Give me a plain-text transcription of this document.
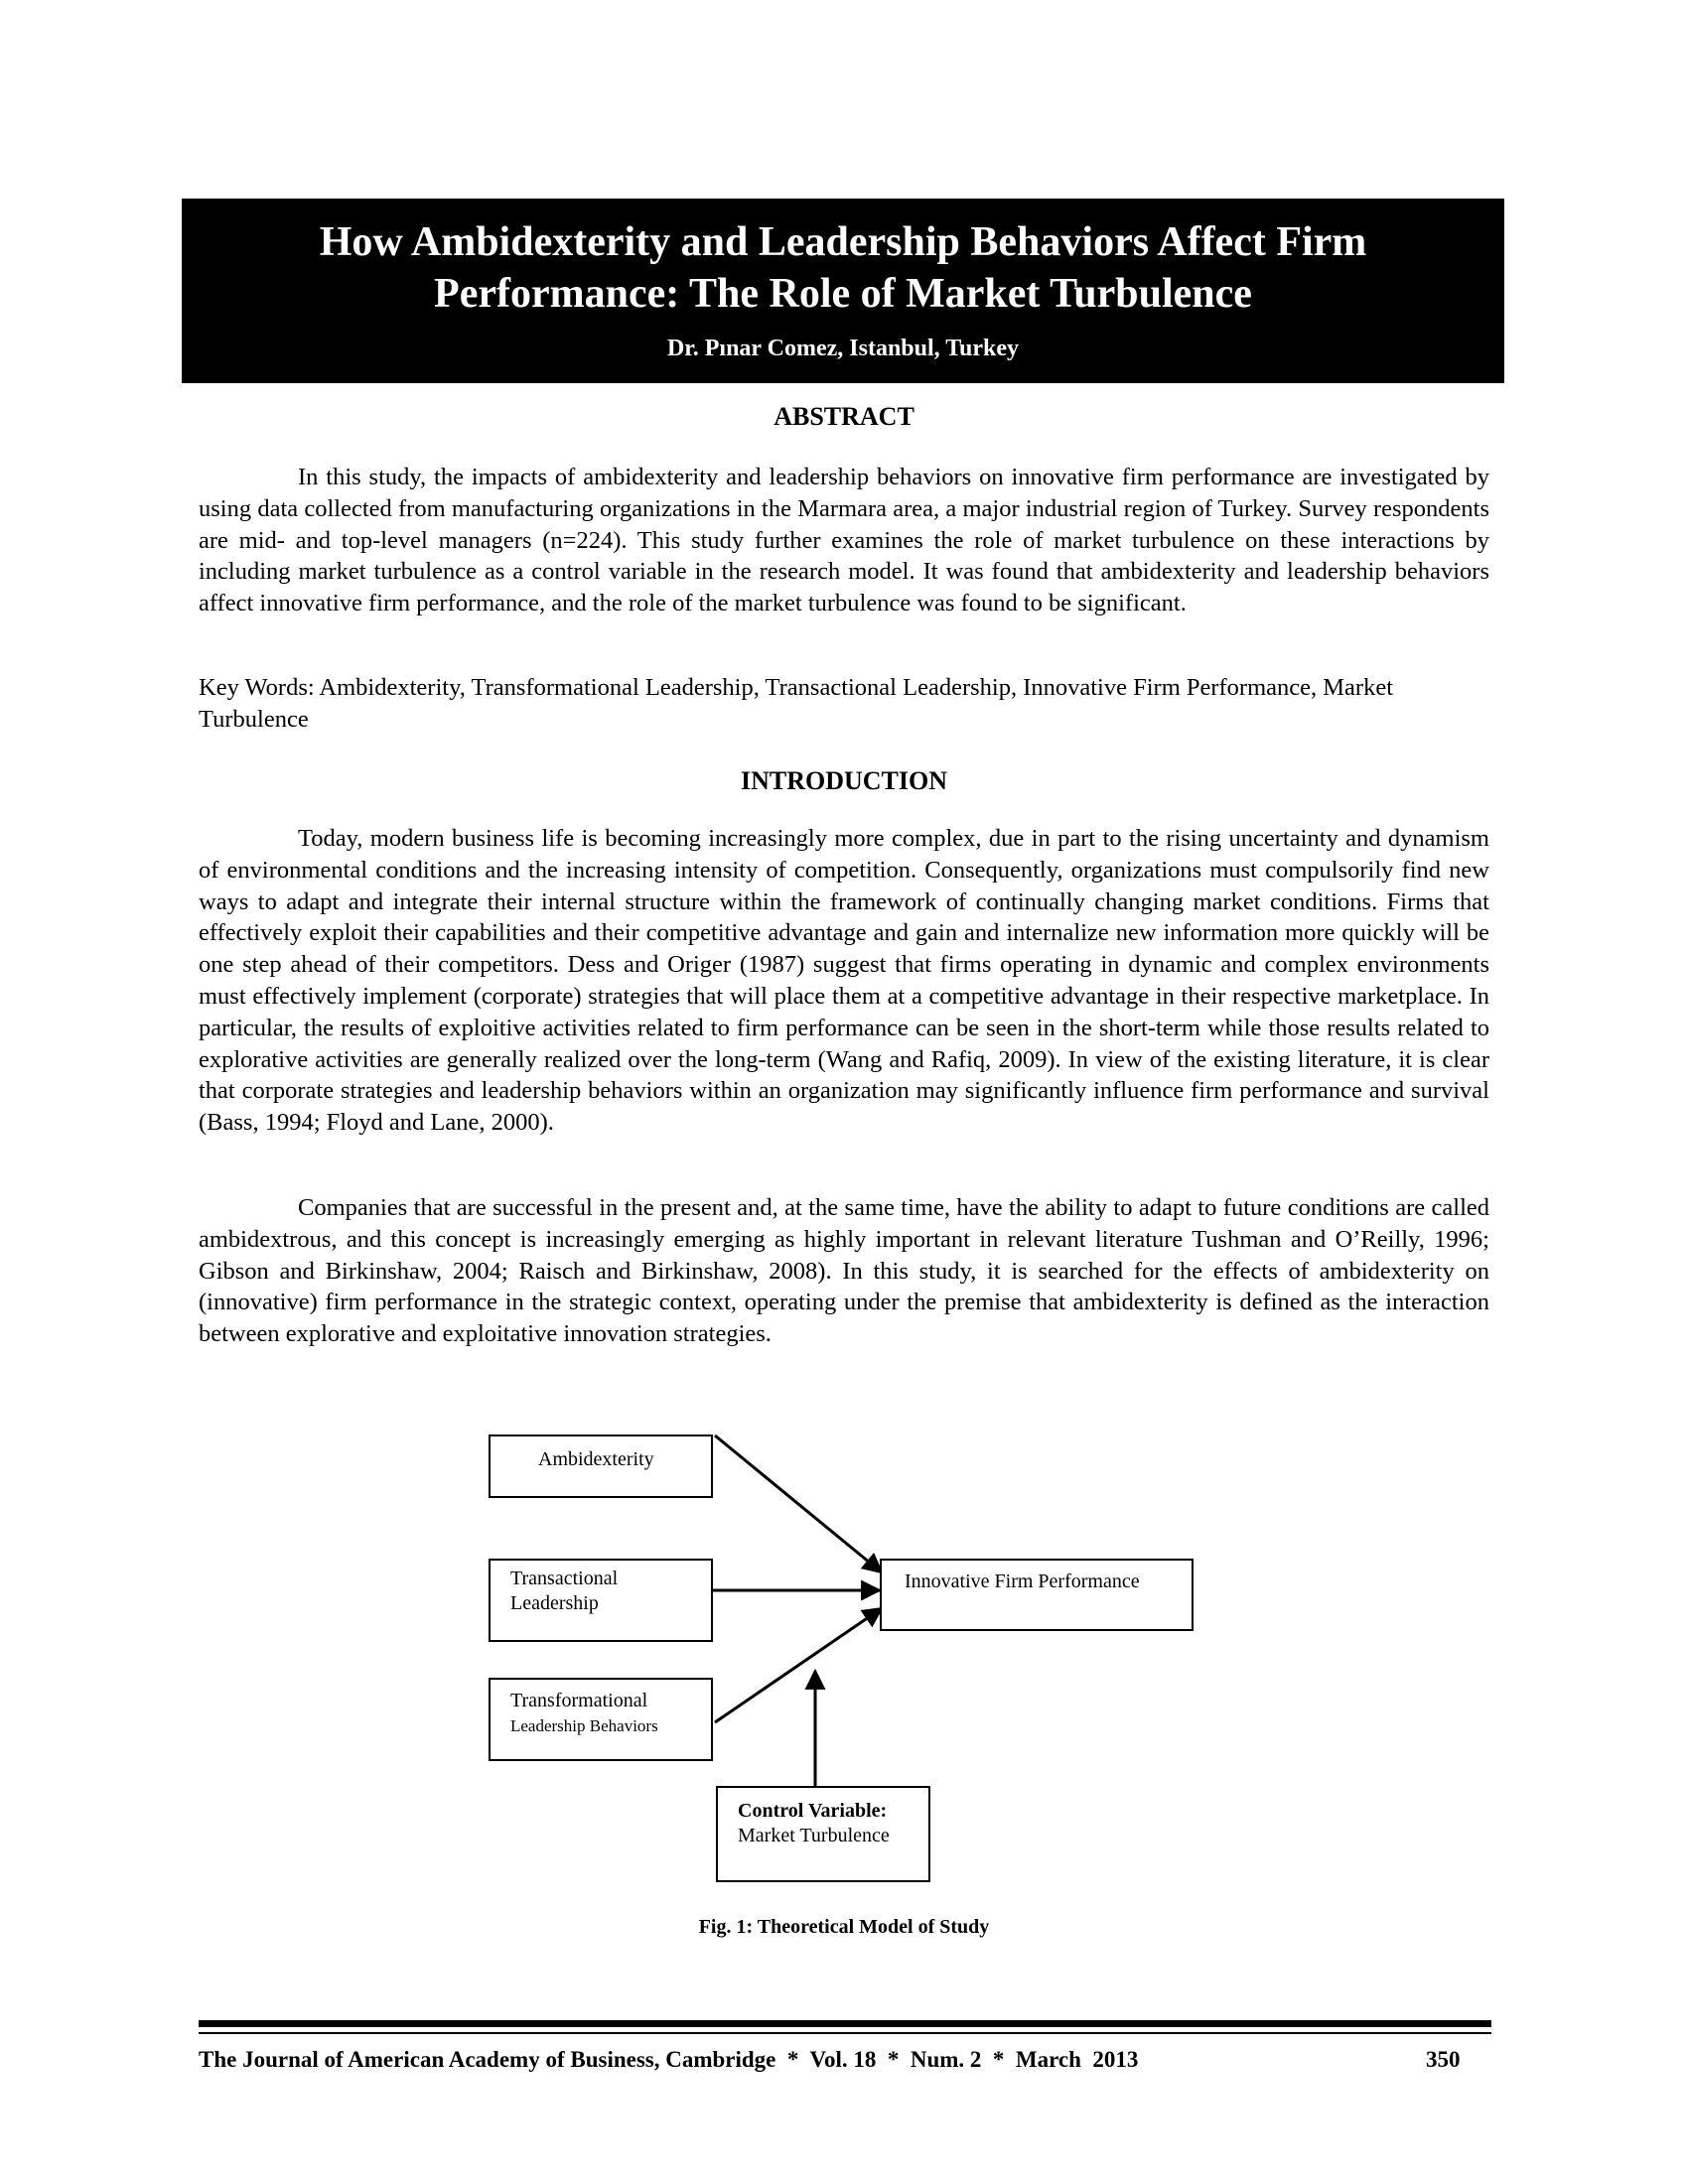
How Ambidexterity and Leadership Behaviors Affect Firm
Performance: The Role of Market Turbulence
Dr. Pınar Comez, Istanbul, Turkey
ABSTRACT
In this study, the impacts of ambidexterity and leadership behaviors on innovative firm performance are investigated by using data collected from manufacturing organizations in the Marmara area, a major industrial region of Turkey. Survey respondents are mid- and top-level managers (n=224). This study further examines the role of market turbulence on these interactions by including market turbulence as a control variable in the research model. It was found that ambidexterity and leadership behaviors affect innovative firm performance, and the role of the market turbulence was found to be significant.
Key Words: Ambidexterity, Transformational Leadership, Transactional Leadership, Innovative Firm Performance, Market Turbulence
INTRODUCTION
Today, modern business life is becoming increasingly more complex, due in part to the rising uncertainty and dynamism of environmental conditions and the increasing intensity of competition. Consequently, organizations must compulsorily find new ways to adapt and integrate their internal structure within the framework of continually changing market conditions. Firms that effectively exploit their capabilities and their competitive advantage and gain and internalize new information more quickly will be one step ahead of their competitors. Dess and Origer (1987) suggest that firms operating in dynamic and complex environments must effectively implement (corporate) strategies that will place them at a competitive advantage in their respective marketplace. In particular, the results of exploitive activities related to firm performance can be seen in the short-term while those results related to explorative activities are generally realized over the long-term (Wang and Rafiq, 2009). In view of the existing literature, it is clear that corporate strategies and leadership behaviors within an organization may significantly influence firm performance and survival (Bass, 1994; Floyd and Lane, 2000).
Companies that are successful in the present and, at the same time, have the ability to adapt to future conditions are called ambidextrous, and this concept is increasingly emerging as highly important in relevant literature Tushman and O’Reilly, 1996; Gibson and Birkinshaw, 2004; Raisch and Birkinshaw, 2008). In this study, it is searched for the effects of ambidexterity on (innovative) firm performance in the strategic context, operating under the premise that ambidexterity is defined as the interaction between explorative and exploitative innovation strategies.
Ambidexterity
Transactional
Leadership
Transformational
Leadership Behaviors
Innovative Firm Performance
Control Variable:
Market Turbulence
Fig. 1: Theoretical Model of Study
The Journal of American Academy of Business, Cambridge  *  Vol. 18  *  Num. 2  *  March  2013	350
